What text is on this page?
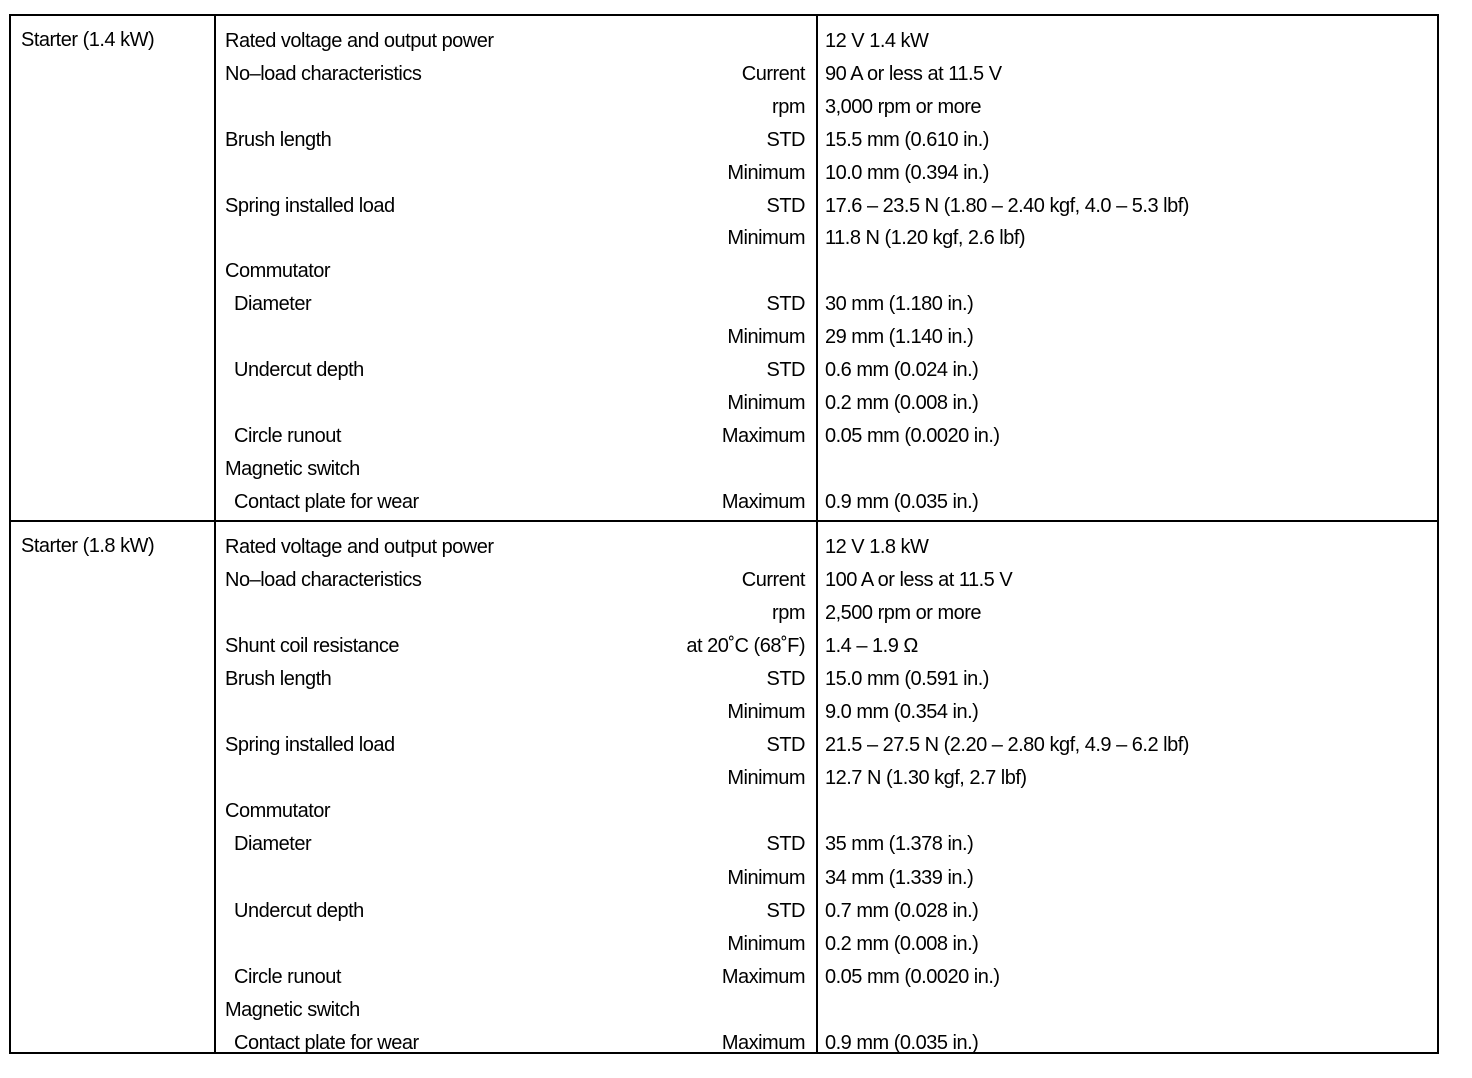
Starter (1.4 kW)	Rated voltage and output power	12 V 1.4 kW
No–load characteristics	Current 90 A or less at 11.5 V
rpm 3,000 rpm or more
Brush length	STD 15.5 mm (0.610 in.)
Minimum 10.0 mm (0.394 in.)
Spring installed load	STD 17.6 – 23.5 N (1.80 – 2.40 kgf, 4.0 – 5.3 lbf)
Minimum 11.8 N (1.20 kgf, 2.6 lbf)
Commutator
Diameter	STD 30 mm (1.180 in.)
Minimum 29 mm (1.140 in.)
Undercut depth	STD 0.6 mm (0.024 in.)
Minimum 0.2 mm (0.008 in.)
Circle runout	Maximum 0.05 mm (0.0020 in.)
Magnetic switch
Contact plate for wear	Maximum 0.9 mm (0.035 in.)
Starter (1.8 kW)	Rated voltage and output power	12 V 1.8 kW
No–load characteristics	Current 100 A or less at 11.5 V
rpm 2,500 rpm or more
Shunt coil resistance	at 20˚C (68˚F) 1.4 – 1.9 Ω
Brush length	STD 15.0 mm (0.591 in.)
Minimum 9.0 mm (0.354 in.)
Spring installed load	STD 21.5 – 27.5 N (2.20 – 2.80 kgf, 4.9 – 6.2 lbf)
Minimum 12.7 N (1.30 kgf, 2.7 lbf)
Commutator
Diameter	STD 35 mm (1.378 in.)
Minimum 34 mm (1.339 in.)
Undercut depth	STD 0.7 mm (0.028 in.)
Minimum 0.2 mm (0.008 in.)
Circle runout	Maximum 0.05 mm (0.0020 in.)
Magnetic switch
Contact plate for wear	Maximum 0.9 mm (0.035 in.)
